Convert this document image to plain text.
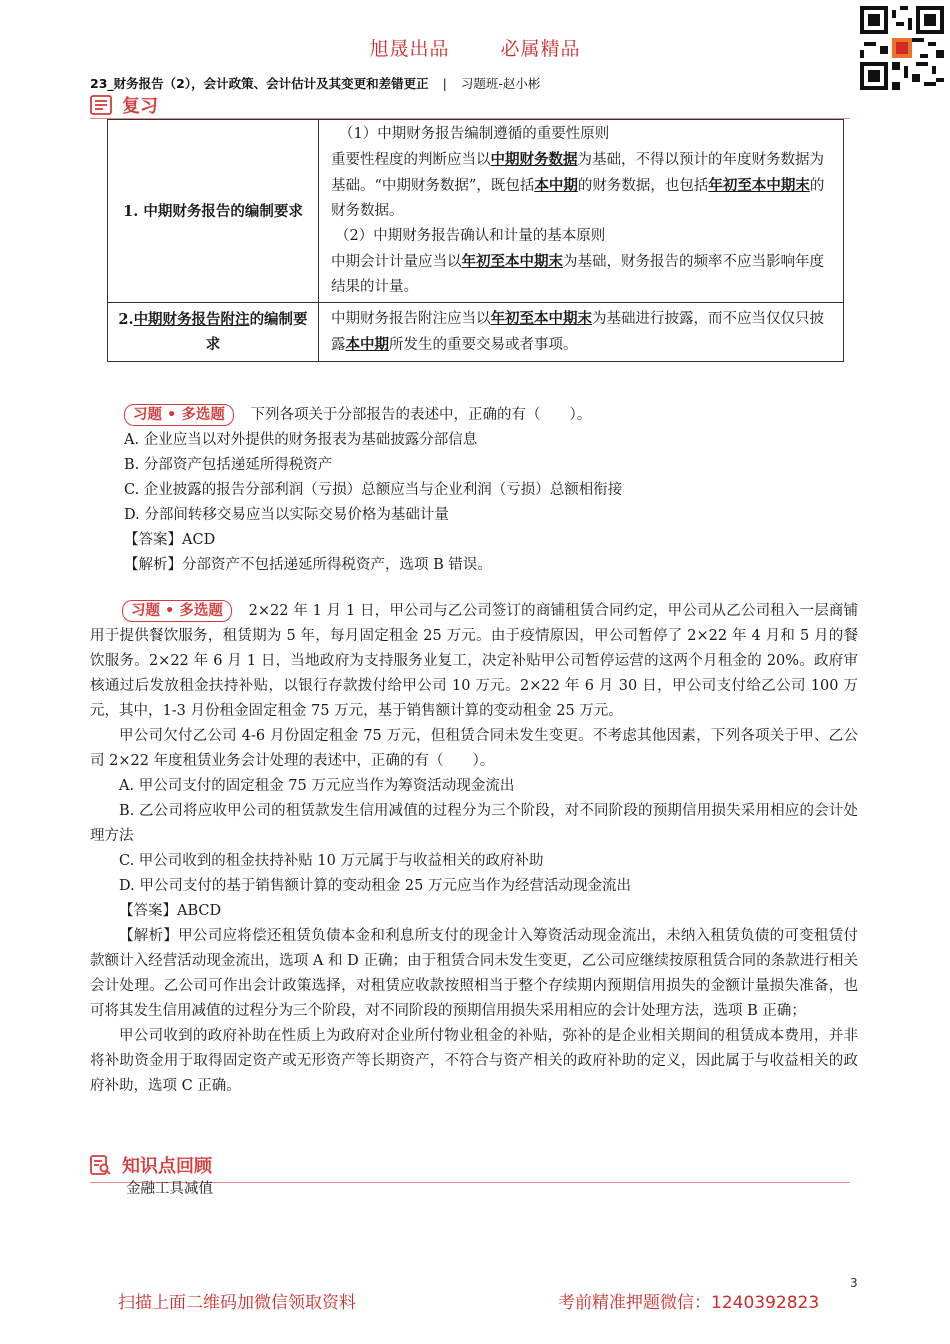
旭晟出品	必属精品
23_财务报告（2），会计政策、会计估计及其变更和差错更正 | 习题班-赵小彬
复习
1. 中期财务报告的编制要求	（1）中期财务报告编制遵循的重要性原则
重要性程度的判断应当以中期财务数据为基础，不得以预计的年度财务数据为基础。“中期财务数据”，既包括本中期的财务数据，也包括年初至本中期末的财务数据。
（2）中期财务报告确认和计量的基本原则
中期会计计量应当以年初至本中期末为基础，财务报告的频率不应当影响年度结果的计量。

2.中期财务报告附注的编制要求	中期财务报告附注应当以年初至本中期末为基础进行披露，而不应当仅仅只披露本中期所发生的重要交易或者事项。
习题 • 多选题 下列各项关于分部报告的表述中，正确的有（　　）。
A. 企业应当以对外提供的财务报表为基础披露分部信息
B. 分部资产包括递延所得税资产
C. 企业披露的报告分部利润（亏损）总额应当与企业利润（亏损）总额相衔接
D. 分部间转移交易应当以实际交易价格为基础计量
【答案】ACD
【解析】分部资产不包括递延所得税资产，选项 B 错误。
习题 • 多选题 2×22 年 1 月 1 日，甲公司与乙公司签订的商铺租赁合同约定，甲公司从乙公司租入一层商铺用于提供餐饮服务，租赁期为 5 年，每月固定租金 25 万元。由于疫情原因，甲公司暂停了 2×22 年 4 月和 5 月的餐饮服务。2×22 年 6 月 1 日，当地政府为支持服务业复工，决定补贴甲公司暂停运营的这两个月租金的 20%。政府审核通过后发放租金扶持补贴，以银行存款拨付给甲公司 10 万元。2×22 年 6 月 30 日，甲公司支付给乙公司 100 万元，其中，1-3 月份租金固定租金 75 万元，基于销售额计算的变动租金 25 万元。
甲公司欠付乙公司 4-6 月份固定租金 75 万元，但租赁合同未发生变更。不考虑其他因素，下列各项关于甲、乙公司 2×22 年度租赁业务会计处理的表述中，正确的有（　　）。
A. 甲公司支付的固定租金 75 万元应当作为筹资活动现金流出
B. 乙公司将应收甲公司的租赁款发生信用减值的过程分为三个阶段，对不同阶段的预期信用损失采用相应的会计处理方法
C. 甲公司收到的租金扶持补贴 10 万元属于与收益相关的政府补助
D. 甲公司支付的基于销售额计算的变动租金 25 万元应当作为经营活动现金流出
【答案】ABCD
【解析】甲公司应将偿还租赁负债本金和利息所支付的现金计入筹资活动现金流出，未纳入租赁负债的可变租赁付款额计入经营活动现金流出，选项 A 和 D 正确；由于租赁合同未发生变更，乙公司应继续按原租赁合同的条款进行相关会计处理。乙公司可作出会计政策选择，对租赁应收款按照相当于整个存续期内预期信用损失的金额计量损失准备，也可将其发生信用减值的过程分为三个阶段，对不同阶段的预期信用损失采用相应的会计处理方法，选项 B 正确；
甲公司收到的政府补助在性质上为政府对企业所付物业租金的补贴，弥补的是企业相关期间的租赁成本费用，并非将补助资金用于取得固定资产或无形资产等长期资产，不符合与资产相关的政府补助的定义，因此属于与收益相关的政府补助，选项 C 正确。
知识点回顾
金融工具减值
3
扫描上面二维码加微信领取资料	考前精准押题微信：1240392823
